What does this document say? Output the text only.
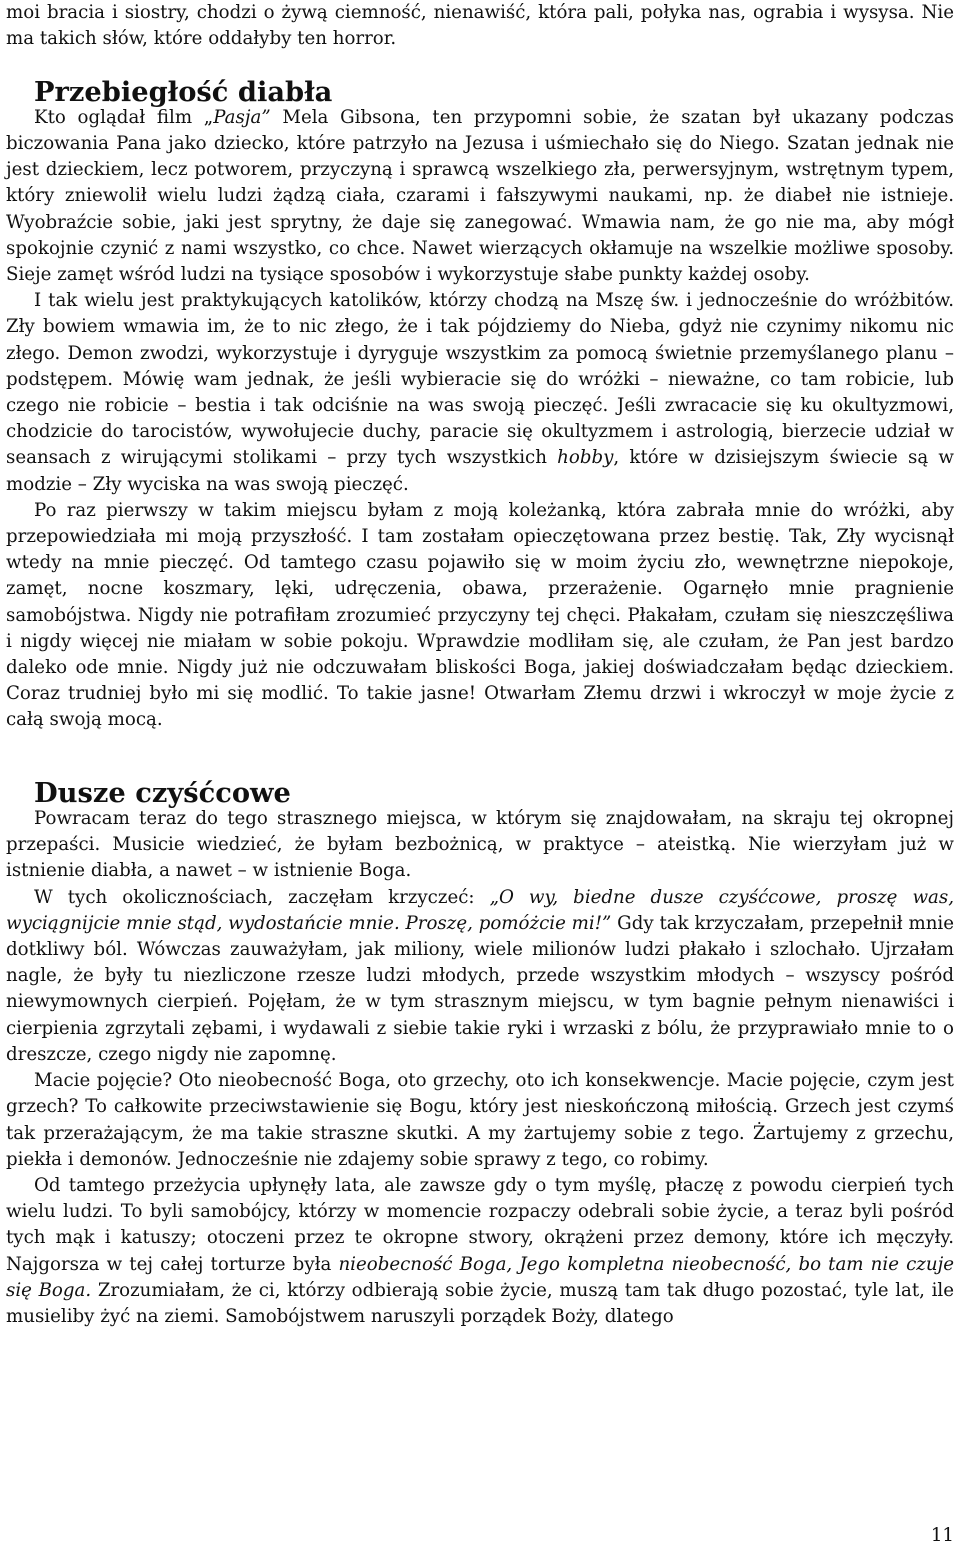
moi bracia i siostry, chodzi o żywą ciemność, nienawiść, która pali, połyka nas, ograbia i wysysa. Nie ma takich słów, które oddałyby ten horror.

Przebiegłość diabła

Kto oglądał film „Pasja” Mela Gibsona, ten przypomni sobie, że szatan był ukazany podczas biczowania Pana jako dziecko, które patrzyło na Jezusa i uśmiechało się do Niego. Szatan jednak nie jest dzieckiem, lecz potworem, przyczyną i sprawcą wszelkiego zła, perwersyjnym, wstrętnym typem, który zniewolił wielu ludzi żądzą ciała, czarami i fałszywymi naukami, np. że diabeł nie istnieje. Wyobraźcie sobie, jaki jest sprytny, że daje się zanegować. Wmawia nam, że go nie ma, aby mógł spokojnie czynić z nami wszystko, co chce. Nawet wierzących okłamuje na wszelkie możliwe sposoby. Sieje zamęt wśród ludzi na tysiące sposobów i wykorzystuje słabe punkty każdej osoby.

I tak wielu jest praktykujących katolików, którzy chodzą na Mszę św. i jednocześnie do wróżbitów. Zły bowiem wmawia im, że to nic złego, że i tak pójdziemy do Nieba, gdyż nie czynimy nikomu nic złego. Demon zwodzi, wykorzystuje i dyryguje wszystkim za pomocą świetnie przemyślanego planu – podstępem. Mówię wam jednak, że jeśli wybieracie się do wróżki – nieważne, co tam robicie, lub czego nie robicie – bestia i tak odciśnie na was swoją pieczęć. Jeśli zwracacie się ku okultyzmowi, chodzicie do tarocistów, wywołujecie duchy, paracie się okultyzmem i astrologią, bierzecie udział w seansach z wirującymi stolikami – przy tych wszystkich hobby, które w dzisiejszym świecie są w modzie – Zły wyciska na was swoją pieczęć.

Po raz pierwszy w takim miejscu byłam z moją koleżanką, która zabrała mnie do wróżki, aby przepowiedziała mi moją przyszłość. I tam zostałam opieczętowana przez bestię. Tak, Zły wycisnął wtedy na mnie pieczęć. Od tamtego czasu pojawiło się w moim życiu zło, wewnętrzne niepokoje, zamęt, nocne koszmary, lęki, udręczenia, obawa, przerażenie. Ogarnęło mnie pragnienie samobójstwa. Nigdy nie potrafiłam zrozumieć przyczyny tej chęci. Płakałam, czułam się nieszczęśliwa i nigdy więcej nie miałam w sobie pokoju. Wprawdzie modliłam się, ale czułam, że Pan jest bardzo daleko ode mnie. Nigdy już nie odczuwałam bliskości Boga, jakiej doświadczałam będąc dzieckiem. Coraz trudniej było mi się modlić. To takie jasne! Otwarłam Złemu drzwi i wkroczył w moje życie z całą swoją mocą.

Dusze czyśćcowe

Powracam teraz do tego strasznego miejsca, w którym się znajdowałam, na skraju tej okropnej przepaści. Musicie wiedzieć, że byłam bezbożnicą, w praktyce – ateistką. Nie wierzyłam już w istnienie diabła, a nawet – w istnienie Boga.

W tych okolicznościach, zaczęłam krzyczeć: „O wy, biedne dusze czyśćcowe, proszę was, wyciągnijcie mnie stąd, wydostańcie mnie. Proszę, pomóżcie mi!” Gdy tak krzyczałam, przepełnił mnie dotkliwy ból. Wówczas zauważyłam, jak miliony, wiele milionów ludzi płakało i szlochało. Ujrzałam nagle, że były tu niezliczone rzesze ludzi młodych, przede wszystkim młodych – wszyscy pośród niewymownych cierpień. Pojęłam, że w tym strasznym miejscu, w tym bagnie pełnym nienawiści i cierpienia zgrzytali zębami, i wydawali z siebie takie ryki i wrzaski z bólu, że przyprawiało mnie to o dreszcze, czego nigdy nie zapomnę.

Macie pojęcie? Oto nieobecność Boga, oto grzechy, oto ich konsekwencje. Macie pojęcie, czym jest grzech? To całkowite przeciwstawienie się Bogu, który jest nieskończoną miłością. Grzech jest czymś tak przerażającym, że ma takie straszne skutki. A my żartujemy sobie z tego. Żartujemy z grzechu, piekła i demonów. Jednocześnie nie zdajemy sobie sprawy z tego, co robimy.

Od tamtego przeżycia upłynęły lata, ale zawsze gdy o tym myślę, płaczę z powodu cierpień tych wielu ludzi. To byli samobójcy, którzy w momencie rozpaczy odebrali sobie życie, a teraz byli pośród tych mąk i katuszy; otoczeni przez te okropne stwory, okrążeni przez demony, które ich męczyły. Najgorsza w tej całej torturze była nieobecność Boga, Jego kompletna nieobecność, bo tam nie czuje się Boga. Zrozumiałam, że ci, którzy odbierają sobie życie, muszą tam tak długo pozostać, tyle lat, ile musieliby żyć na ziemi. Samobójstwem naruszyli porządek Boży, dlatego

11
